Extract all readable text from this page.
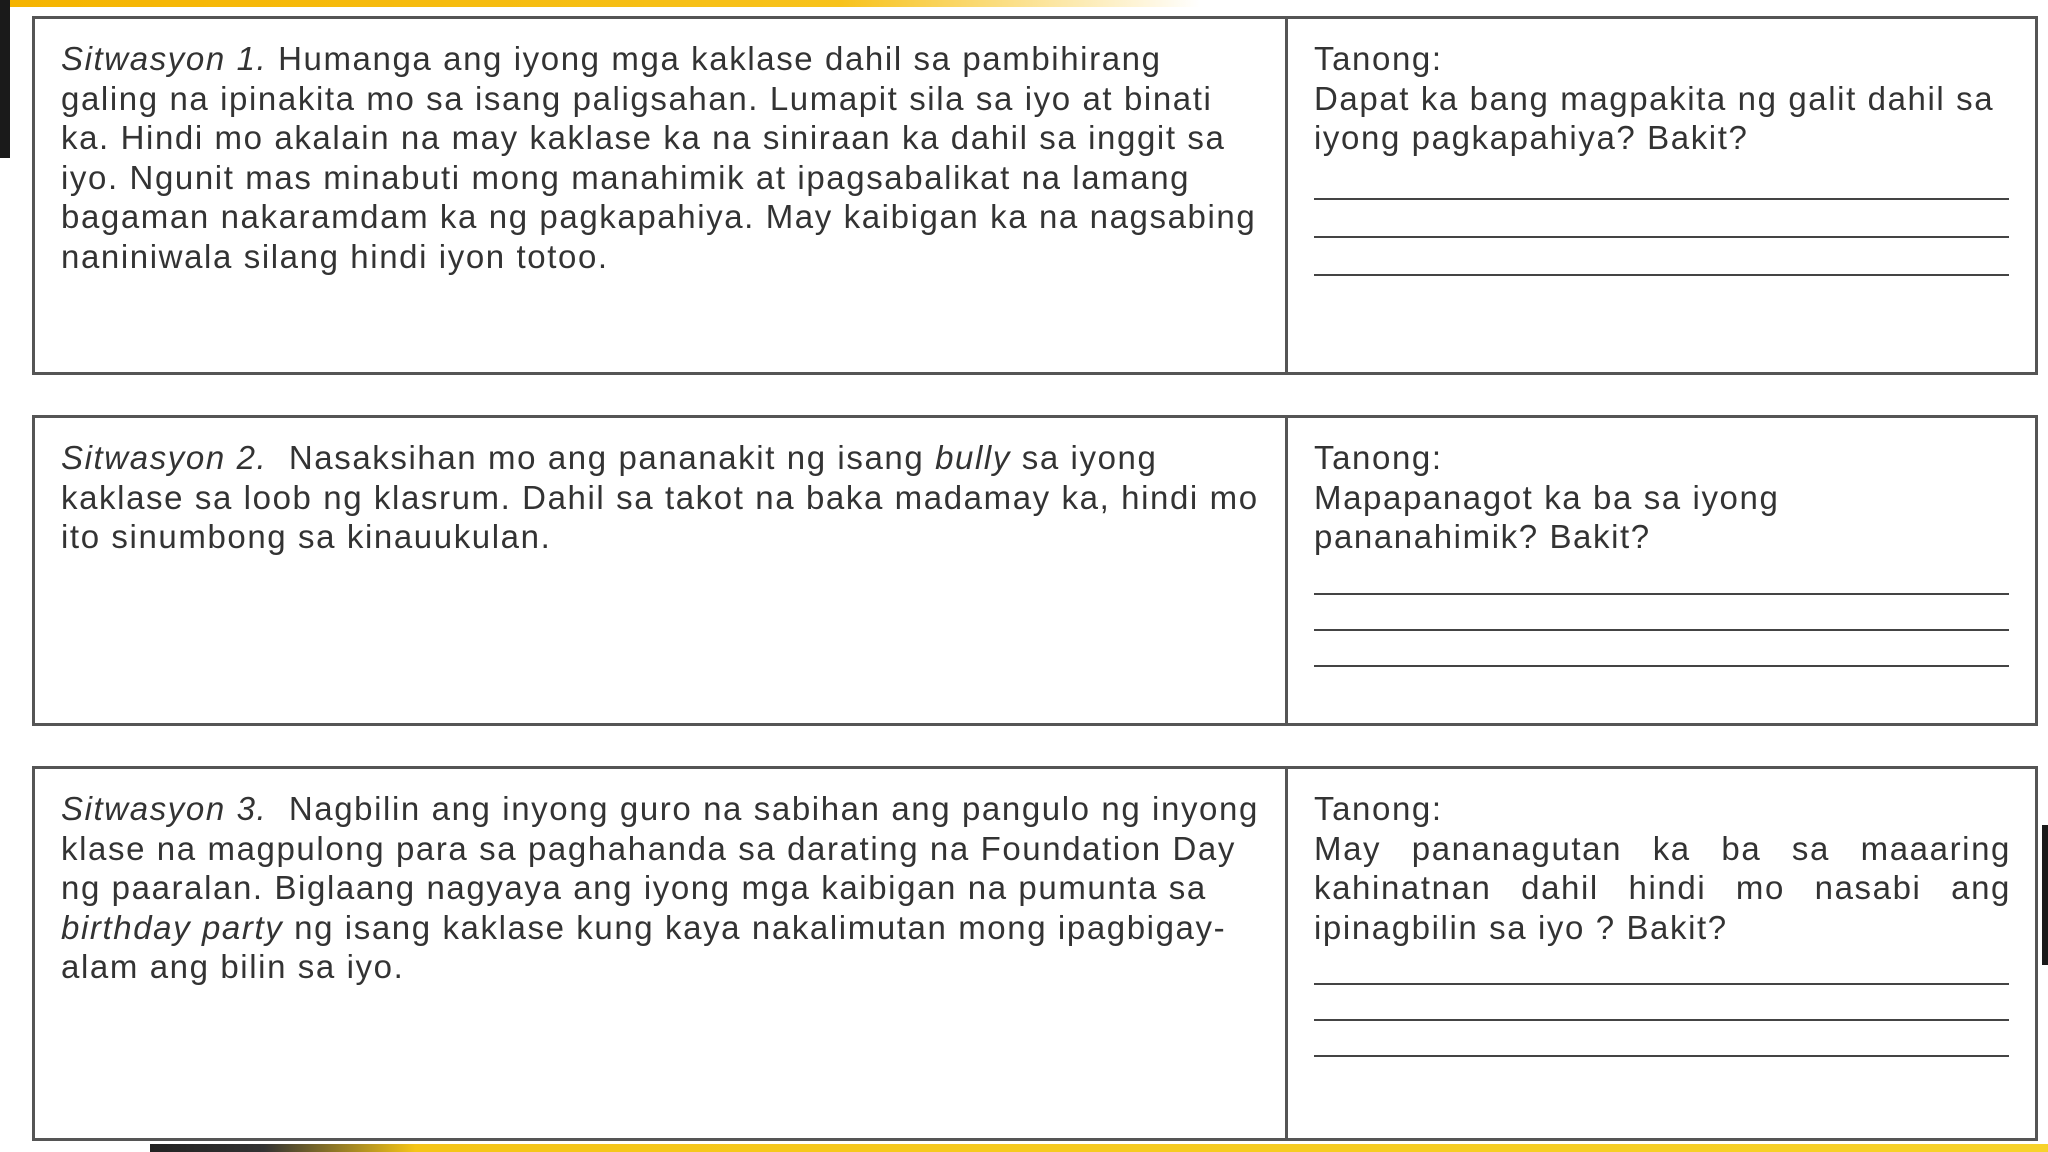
Sitwasyon 1. Humanga ang iyong mga kaklase dahil sa pambihirang galing na ipinakita mo sa isang paligsahan. Lumapit sila sa iyo at binati ka. Hindi mo akalain na may kaklase ka na siniraan ka dahil sa inggit sa iyo. Ngunit mas minabuti mong manahimik at ipagsabalikat na lamang bagaman nakaramdam ka ng pagkapahiya. May kaibigan ka na nagsabing naniniwala silang hindi iyon totoo.

Tanong:

Dapat ka bang magpakita ng galit dahil sa iyong pagkapahiya? Bakit?

Sitwasyon 2.  Nasaksihan mo ang pananakit ng isang bully sa iyong kaklase sa loob ng klasrum. Dahil sa takot na baka madamay ka, hindi mo ito sinumbong sa kinauukulan.

Tanong:

Mapapanagot ka ba sa iyong pananahimik? Bakit?

Sitwasyon 3.  Nagbilin ang inyong guro na sabihan ang pangulo ng inyong klase na magpulong para sa paghahanda sa darating na Foundation Day ng paaralan. Biglaang nagyaya ang iyong mga kaibigan na pumunta sa birthday party ng isang kaklase kung kaya nakalimutan mong ipagbigay-alam ang bilin sa iyo.

Tanong:

May pananagutan ka ba sa maaaring kahinatnan dahil hindi mo nasabi ang ipinagbilin sa iyo ? Bakit?
